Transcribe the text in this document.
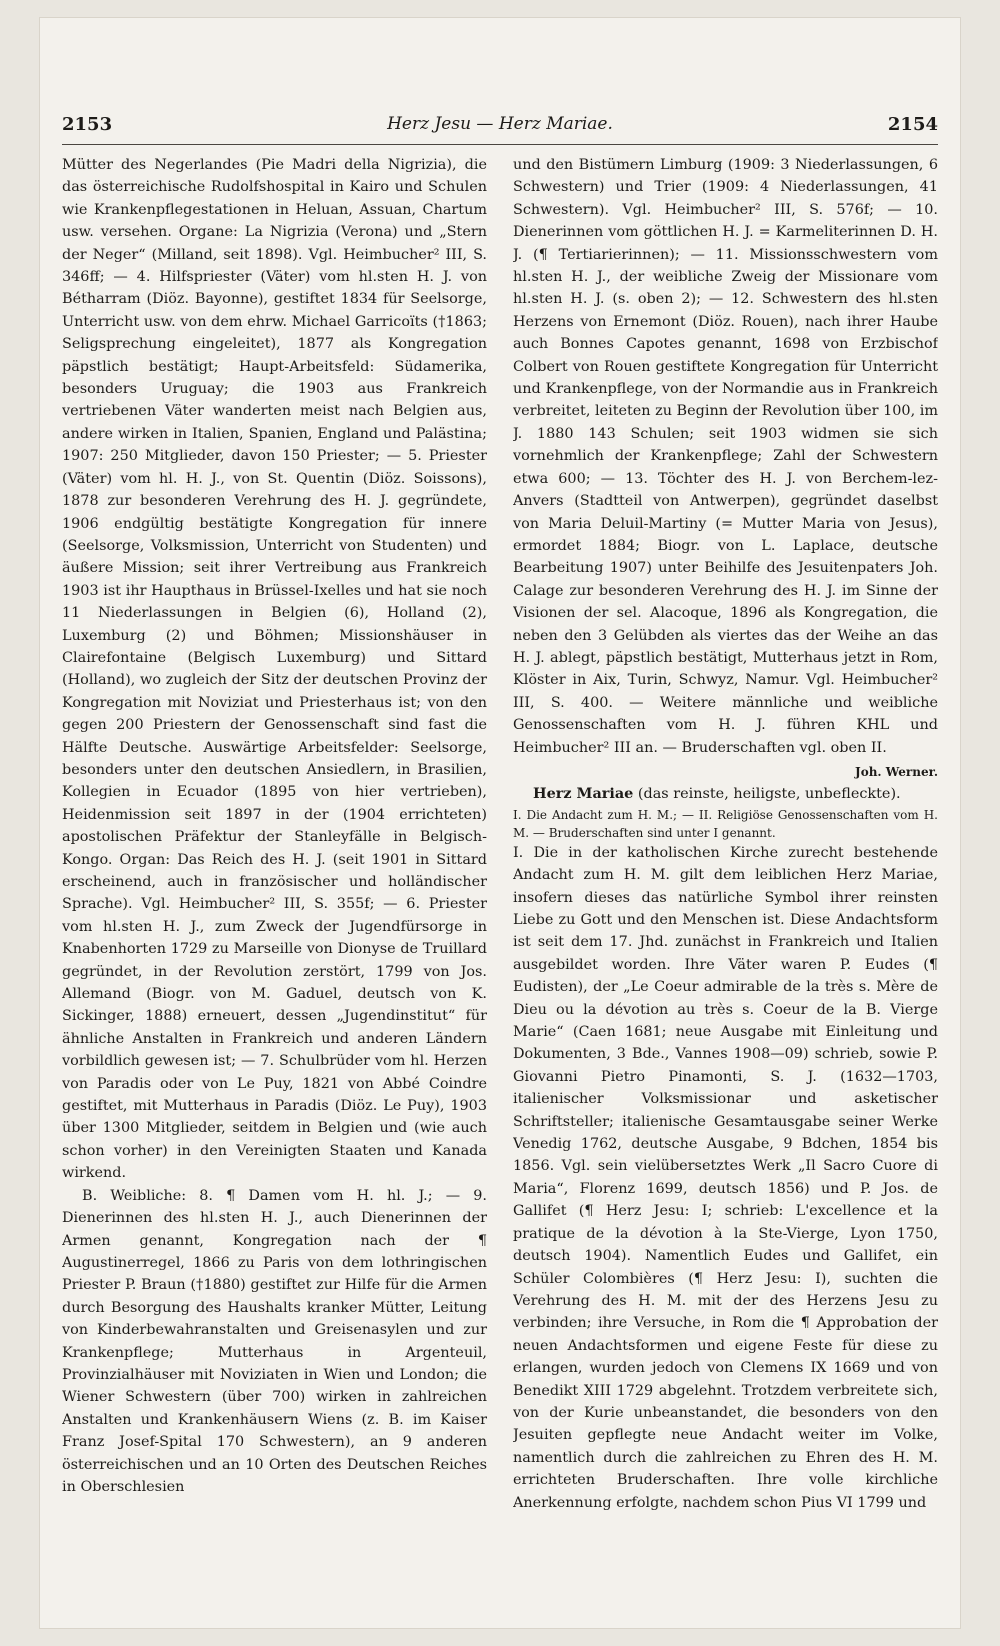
2153	Herz Jesu — Herz Mariae.	2154

Mütter des Negerlandes (Pie Madri della Nigrizia), die das österreichische Rudolfshospital in Kairo und Schulen wie Krankenpflegestationen in Heluan, Assuan, Chartum usw. versehen. Organe: La Nigrizia (Verona) und „Stern der Neger“ (Milland, seit 1898). Vgl. Heimbucher² III, S. 346ff; — 4. Hilfspriester (Väter) vom hl.sten H. J. von Bétharram (Diöz. Bayonne), gestiftet 1834 für Seelsorge, Unterricht usw. von dem ehrw. Michael Garricoïts (†1863; Seligsprechung eingeleitet), 1877 als Kongregation päpstlich bestätigt; Haupt-Arbeitsfeld: Südamerika, besonders Uruguay; die 1903 aus Frankreich vertriebenen Väter wanderten meist nach Belgien aus, andere wirken in Italien, Spanien, England und Palästina; 1907: 250 Mitglieder, davon 150 Priester; — 5. Priester (Väter) vom hl. H. J., von St. Quentin (Diöz. Soissons), 1878 zur besonderen Verehrung des H. J. gegründete, 1906 endgültig bestätigte Kongregation für innere (Seelsorge, Volksmission, Unterricht von Studenten) und äußere Mission; seit ihrer Vertreibung aus Frankreich 1903 ist ihr Haupthaus in Brüssel-Ixelles und hat sie noch 11 Niederlassungen in Belgien (6), Holland (2), Luxemburg (2) und Böhmen; Missionshäuser in Clairefontaine (Belgisch Luxemburg) und Sittard (Holland), wo zugleich der Sitz der deutschen Provinz der Kongregation mit Noviziat und Priesterhaus ist; von den gegen 200 Priestern der Genossenschaft sind fast die Hälfte Deutsche. Auswärtige Arbeitsfelder: Seelsorge, besonders unter den deutschen Ansiedlern, in Brasilien, Kollegien in Ecuador (1895 von hier vertrieben), Heidenmission seit 1897 in der (1904 errichteten) apostolischen Präfektur der Stanleyfälle in Belgisch-Kongo. Organ: Das Reich des H. J. (seit 1901 in Sittard erscheinend, auch in französischer und holländischer Sprache). Vgl. Heimbucher² III, S. 355f; — 6. Priester vom hl.sten H. J., zum Zweck der Jugendfürsorge in Knabenhorten 1729 zu Marseille von Dionyse de Truillard gegründet, in der Revolution zerstört, 1799 von Jos. Allemand (Biogr. von M. Gaduel, deutsch von K. Sickinger, 1888) erneuert, dessen „Jugendinstitut“ für ähnliche Anstalten in Frankreich und anderen Ländern vorbildlich gewesen ist; — 7. Schulbrüder vom hl. Herzen von Paradis oder von Le Puy, 1821 von Abbé Coindre gestiftet, mit Mutterhaus in Paradis (Diöz. Le Puy), 1903 über 1300 Mitglieder, seitdem in Belgien und (wie auch schon vorher) in den Vereinigten Staaten und Kanada wirkend.

B. Weibliche: 8. ¶ Damen vom H. hl. J.; — 9. Dienerinnen des hl.sten H. J., auch Dienerinnen der Armen genannt, Kongregation nach der ¶ Augustinerregel, 1866 zu Paris von dem lothringischen Priester P. Braun (†1880) gestiftet zur Hilfe für die Armen durch Besorgung des Haushalts kranker Mütter, Leitung von Kinderbewahranstalten und Greisenasylen und zur Krankenpflege; Mutterhaus in Argenteuil, Provinzialhäuser mit Noviziaten in Wien und London; die Wiener Schwestern (über 700) wirken in zahlreichen Anstalten und Krankenhäusern Wiens (z. B. im Kaiser Franz Josef-Spital 170 Schwestern), an 9 anderen österreichischen und an 10 Orten des Deutschen Reiches in Oberschlesien

und den Bistümern Limburg (1909: 3 Niederlassungen, 6 Schwestern) und Trier (1909: 4 Niederlassungen, 41 Schwestern). Vgl. Heimbucher² III, S. 576f; — 10. Dienerinnen vom göttlichen H. J. = Karmeliterinnen D. H. J. (¶ Tertiarierinnen); — 11. Missionsschwestern vom hl.sten H. J., der weibliche Zweig der Missionare vom hl.sten H. J. (s. oben 2); — 12. Schwestern des hl.sten Herzens von Ernemont (Diöz. Rouen), nach ihrer Haube auch Bonnes Capotes genannt, 1698 von Erzbischof Colbert von Rouen gestiftete Kongregation für Unterricht und Krankenpflege, von der Normandie aus in Frankreich verbreitet, leiteten zu Beginn der Revolution über 100, im J. 1880 143 Schulen; seit 1903 widmen sie sich vornehmlich der Krankenpflege; Zahl der Schwestern etwa 600; — 13. Töchter des H. J. von Berchem-lez-Anvers (Stadtteil von Antwerpen), gegründet daselbst von Maria Deluil-Martiny (= Mutter Maria von Jesus), ermordet 1884; Biogr. von L. Laplace, deutsche Bearbeitung 1907) unter Beihilfe des Jesuitenpaters Joh. Calage zur besonderen Verehrung des H. J. im Sinne der Visionen der sel. Alacoque, 1896 als Kongregation, die neben den 3 Gelübden als viertes das der Weihe an das H. J. ablegt, päpstlich bestätigt, Mutterhaus jetzt in Rom, Klöster in Aix, Turin, Schwyz, Namur. Vgl. Heimbucher² III, S. 400. — Weitere männliche und weibliche Genossenschaften vom H. J. führen KHL und Heimbucher² III an. — Bruderschaften vgl. oben II.

Joh. Werner.

Herz Mariae (das reinste, heiligste, unbefleckte).

I. Die Andacht zum H. M.; — II. Religiöse Genossenschaften vom H. M. — Bruderschaften sind unter I genannt.

I. Die in der katholischen Kirche zurecht bestehende Andacht zum H. M. gilt dem leiblichen Herz Mariae, insofern dieses das natürliche Symbol ihrer reinsten Liebe zu Gott und den Menschen ist. Diese Andachtsform ist seit dem 17. Jhd. zunächst in Frankreich und Italien ausgebildet worden. Ihre Väter waren P. Eudes (¶ Eudisten), der „Le Coeur admirable de la très s. Mère de Dieu ou la dévotion au très s. Coeur de la B. Vierge Marie“ (Caen 1681; neue Ausgabe mit Einleitung und Dokumenten, 3 Bde., Vannes 1908—09) schrieb, sowie P. Giovanni Pietro Pinamonti, S. J. (1632—1703, italienischer Volksmissionar und asketischer Schriftsteller; italienische Gesamtausgabe seiner Werke Venedig 1762, deutsche Ausgabe, 9 Bdchen, 1854 bis 1856. Vgl. sein vielübersetztes Werk „Il Sacro Cuore di Maria“, Florenz 1699, deutsch 1856) und P. Jos. de Gallifet (¶ Herz Jesu: I; schrieb: L'excellence et la pratique de la dévotion à la Ste-Vierge, Lyon 1750, deutsch 1904). Namentlich Eudes und Gallifet, ein Schüler Colombières (¶ Herz Jesu: I), suchten die Verehrung des H. M. mit der des Herzens Jesu zu verbinden; ihre Versuche, in Rom die ¶ Approbation der neuen Andachtsformen und eigene Feste für diese zu erlangen, wurden jedoch von Clemens IX 1669 und von Benedikt XIII 1729 abgelehnt. Trotzdem verbreitete sich, von der Kurie unbeanstandet, die besonders von den Jesuiten gepflegte neue Andacht weiter im Volke, namentlich durch die zahlreichen zu Ehren des H. M. errichteten Bruderschaften. Ihre volle kirchliche Anerkennung erfolgte, nachdem schon Pius VI 1799 und
